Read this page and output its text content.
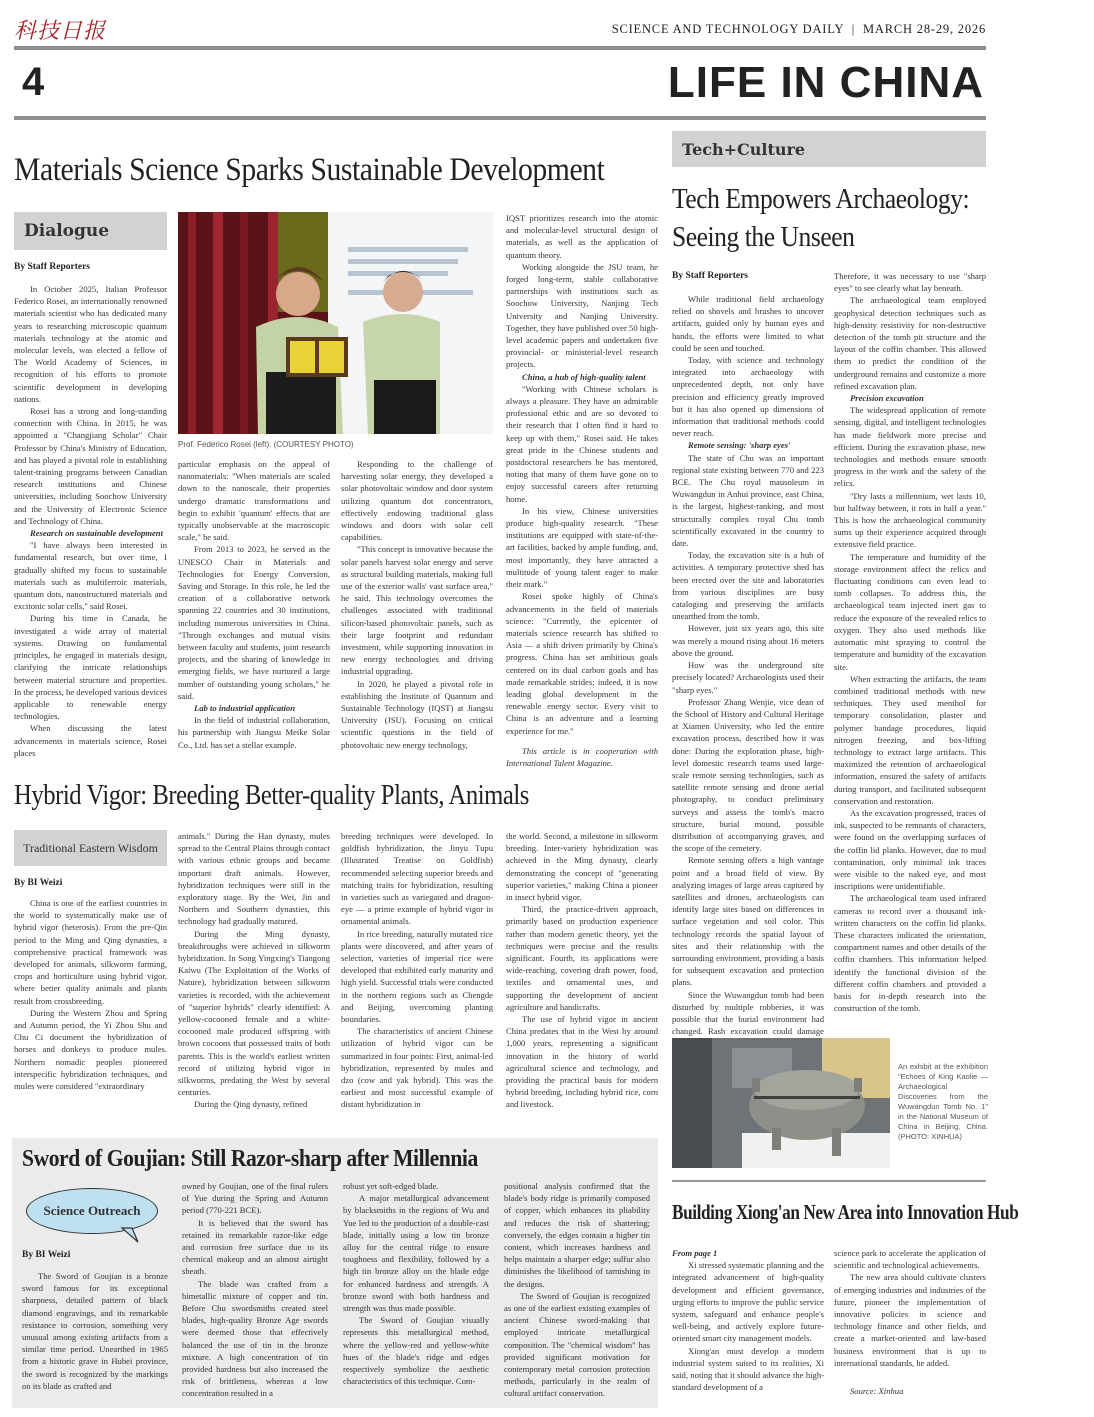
科技日报	SCIENCE AND TECHNOLOGY DAILY | MARCH 28-29, 2026
4	LIFE IN CHINA
Materials Science Sparks Sustainable Development
Dialogue
By Staff Reporters

In October 2025, Italian Professor Federico Rosei, an internationally renowned materials scientist who has dedicated many years to researching microscopic quantum materials technology at the atomic and molecular levels, was elected a fellow of The World Academy of Sciences, in recognition of his efforts to promote scientific development in developing nations.

Rosei has a strong and long-standing connection with China. In 2015, he was appointed a "Changjiang Scholar" Chair Professor by China's Ministry of Education, and has played a pivotal role in establishing talent-training programs between Canadian research institutions and Chinese universities, including Soochow University and the University of Electronic Science and Technology of China.

Research on sustainable development

"I have always been interested in fundamental research, but over time, I gradually shifted my focus to sustainable materials such as multiferroic materials, quantum dots, nanostructured materials and excitonic solar cells," said Rosei.

During his time in Canada, he investigated a wide array of material systems. Drawing on fundamental principles, he engaged in materials design, clarifying the intricate relationships between material structure and properties. In the process, he developed various devices applicable to renewable energy technologies.

When discussing the latest advancements in materials science, Rosei places

Prof. Federico Rosei (left). (COURTESY PHOTO)

particular emphasis on the appeal of nanomaterials: "When materials are scaled down to the nanoscale, their properties undergo dramatic transformations and begin to exhibit 'quantum' effects that are typically unobservable at the macroscopic scale," he said.

From 2013 to 2023, he served as the UNESCO Chair in Materials and Technologies for Energy Conversion, Saving and Storage. In this role, he led the creation of a collaborative network spanning 22 countries and 30 institutions, including numerous universities in China. "Through exchanges and mutual visits between faculty and students, joint research projects, and the sharing of knowledge in emerging fields, we have nurtured a large number of outstanding young scholars," he said.

Lab to industrial application

In the field of industrial collaboration, his partnership with Jiangsu Meike Solar Co., Ltd. has set a stellar example.

Responding to the challenge of harvesting solar energy, they developed a solar photovoltaic window and door system utilizing quantum dot concentrators, effectively endowing traditional glass windows and doors with solar cell capabilities.

"This concept is innovative because the solar panels harvest solar energy and serve as structural building materials, making full use of the exterior walls' vast surface area," he said. This technology overcomes the challenges associated with traditional silicon-based photovoltaic panels, such as their large footprint and redundant investment, while supporting innovation in new energy technologies and driving industrial upgrading.

In 2020, he played a pivotal role in establishing the Institute of Quantum and Sustainable Technology (IQST) at Jiangsu University (JSU). Focusing on critical scientific questions in the field of photovoltaic new energy technology,

IQST prioritizes research into the atomic and molecular-level structural design of materials, as well as the application of quantum theory.

Working alongside the JSU team, he forged long-term, stable collaborative partnerships with institutions such as Soochow University, Nanjing Tech University and Nanjing University. Together, they have published over 50 high-level academic papers and undertaken five provincial- or ministerial-level research projects.

China, a hub of high-quality talent

"Working with Chinese scholars is always a pleasure. They have an admirable professional ethic and are so devoted to their research that I often find it hard to keep up with them," Rosei said. He takes great pride in the Chinese students and postdoctoral researchers he has mentored, noting that many of them have gone on to enjoy successful careers after returning home.

In his view, Chinese universities produce high-quality research. "These institutions are equipped with state-of-the-art facilities, backed by ample funding, and, most importantly, they have attracted a multitude of young talent eager to make their mark."

Rosei spoke highly of China's advancements in the field of materials science: "Currently, the epicenter of materials science research has shifted to Asia — a shift driven primarily by China's progress. China has set ambitious goals centered on its dual carbon goals and has made remarkable strides; indeed, it is now leading global development in the renewable energy sector. Every visit to China is an adventure and a learning experience for me."

This article is in cooperation with International Talent Magazine.

Tech+Culture
Tech Empowers Archaeology:
Seeing the Unseen
By Staff Reporters

While traditional field archaeology relied on shovels and brushes to uncover artifacts, guided only by human eyes and hands, the efforts were limited to what could be seen and touched.

Today, with science and technology integrated into archaeology with unprecedented depth, not only have precision and efficiency greatly improved but it has also opened up dimensions of information that traditional methods could never reach.

Remote sensing: 'sharp eyes'

The state of Chu was an important regional state existing between 770 and 223 BCE. The Chu royal mausoleum in Wuwangdun in Anhui province, east China, is the largest, highest-ranking, and most structurally complex royal Chu tomb scientifically excavated in the country to date.

Today, the excavation site is a hub of activities. A temporary protective shed has been erected over the site and laboratories from various disciplines are busy cataloging and preserving the artifacts unearthed from the tomb.

However, just six years ago, this site was merely a mound rising about 16 meters above the ground.

How was the underground site precisely located? Archaeologists used their "sharp eyes."

Professor Zhang Wenjie, vice dean of the School of History and Cultural Heritage at Xiamen University, who led the entire excavation process, described how it was done: During the exploration phase, high-level domestic research teams used large-scale remote sensing technologies, such as satellite remote sensing and drone aerial photography, to conduct preliminary surveys and assess the tomb's macro structure, burial mound, possible distribution of accompanying graves, and the scope of the cemetery.

Remote sensing offers a high vantage point and a broad field of view. By analyzing images of large areas captured by satellites and drones, archaeologists can identify large sites based on differences in surface vegetation and soil color. This technology records the spatial layout of sites and their relationship with the surrounding environment, providing a basis for subsequent excavation and protection plans.

Since the Wuwangdun tomb had been disturbed by multiple robberies, it was possible that the burial environment had changed. Rash excavation could damage

Therefore, it was necessary to use "sharp eyes" to see clearly what lay beneath.

The archaeological team employed geophysical detection techniques such as high-density resistivity for non-destructive detection of the tomb pit structure and the layout of the coffin chamber. This allowed them to predict the condition of the underground remains and customize a more refined excavation plan.

Precision excavation

The widespread application of remote sensing, digital, and intelligent technologies has made fieldwork more precise and efficient. During the excavation phase, new technologies and methods ensure smooth progress in the work and the safety of the relics.

"Dry lasts a millennium, wet lasts 10, but halfway between, it rots in half a year." This is how the archaeological community sums up their experience acquired through extensive field practice.

The temperature and humidity of the storage environment affect the relics and fluctuating conditions can even lead to tomb collapses. To address this, the archaeological team injected inert gas to reduce the exposure of the revealed relics to oxygen. They also used methods like automatic mist spraying to control the temperature and humidity of the excavation site.

When extracting the artifacts, the team combined traditional methods with new techniques. They used menthol for temporary consolidation, plaster and polymer bandage procedures, liquid nitrogen freezing, and box-lifting technology to extract large artifacts. This maximized the retention of archaeological information, ensured the safety of artifacts during transport, and facilitated subsequent conservation and restoration.

As the excavation progressed, traces of ink, suspected to be remnants of characters, were found on the overlapping surfaces of the coffin lid planks. However, due to mud contamination, only minimal ink traces were visible to the naked eye, and most inscriptions were unidentifiable.

The archaeological team used infrared cameras to record over a thousand ink-written characters on the coffin lid planks. These characters indicated the orientation, compartment names and other details of the coffin chambers. This information helped identify the functional division of the different coffin chambers and provided a basis for in-depth research into the construction of the tomb.

An exhibit at the exhibition "Echoes of King Kaolie — Archaeological Discoveries from the Wuwangdun Tomb No. 1" in the National Museum of China in Beijing, China. (PHOTO: XINHUA)
Building Xiong'an New Area into Innovation Hub

From page 1

Xi stressed systematic planning and the integrated advancement of high-quality development and efficient governance, urging efforts to improve the public service system, safeguard and enhance people's well-being, and actively explore future-oriented smart city management models.

Xiong'an must develop a modern industrial system suited to its realities, Xi said, noting that it should advance the high-standard development of a

science park to accelerate the application of scientific and technological achievements.

The new area should cultivate clusters of emerging industries and industries of the future, pioneer the implementation of innovative policies in science and technology finance and other fields, and create a market-oriented and law-based business environment that is up to international standards, he added.

Source: Xinhua

Hybrid Vigor: Breeding Better-quality Plants, Animals
Traditional Eastern Wisdom
By BI Weizi

China is one of the earliest countries in the world to systematically make use of hybrid vigor (heterosis). From the pre-Qin period to the Ming and Qing dynasties, a comprehensive practical framework was developed for animals, silkworm farming, crops and horticulture using hybrid vigor, where better quality animals and plants result from crossbreeding.

During the Western Zhou and Spring and Autumn period, the Yi Zhou Shu and Chu Ci document the hybridization of horses and donkeys to produce mules. Northern nomadic peoples pioneered interspecific hybridization techniques, and mules were considered "extraordinary

animals." During the Han dynasty, mules spread to the Central Plains through contact with various ethnic groups and became important draft animals. However, hybridization techniques were still in the exploratory stage. By the Wei, Jin and Northern and Southern dynasties, this technology had gradually matured.

During the Ming dynasty, breakthroughs were achieved in silkworm hybridization. In Song Yingxing's Tiangong Kaiwu (The Exploitation of the Works of Nature), hybridization between silkworm varieties is recorded, with the achievement of "superior hybrids" clearly identified: A yellow-cocooned female and a white-cocooned male produced offspring with brown cocoons that possessed traits of both parents. This is the world's earliest written record of utilizing hybrid vigor in silkworms, predating the West by several centuries.

During the Qing dynasty, refined

breeding techniques were developed. In goldfish hybridization, the Jinyu Tupu (Illustrated Treatise on Goldfish) recommended selecting superior breeds and matching traits for hybridization, resulting in varieties such as variegated and dragon-eye — a prime example of hybrid vigor in ornamental animals.

In rice breeding, naturally mutated rice plants were discovered, and after years of selection, varieties of imperial rice were developed that exhibited early maturity and high yield. Successful trials were conducted in the northern regions such as Chengde and Beijing, overcoming planting boundaries.

The characteristics of ancient Chinese utilization of hybrid vigor can be summarized in four points: First, animal-led hybridization, represented by mules and dzo (cow and yak hybrid). This was the earliest and most successful example of distant hybridization in

the world. Second, a milestone in silkworm breeding. Inter-variety hybridization was achieved in the Ming dynasty, clearly demonstrating the concept of "generating superior varieties," making China a pioneer in insect hybrid vigor.

Third, the practice-driven approach, primarily based on production experience rather than modern genetic theory, yet the techniques were precise and the results significant. Fourth, its applications were wide-reaching, covering draft power, food, textiles and ornamental uses, and supporting the development of ancient agriculture and handicrafts.

The use of hybrid vigor in ancient China predates that in the West by around 1,000 years, representing a significant innovation in the history of world agricultural science and technology, and providing the practical basis for modern hybrid breeding, including hybrid rice, corn and livestock.

Sword of Goujian: Still Razor-sharp after Millennia
Science Outreach
By BI Weizi

The Sword of Goujian is a bronze sword famous for its exceptional sharpness, detailed pattern of black diamond engravings, and its remarkable resistance to corrosion, something very unusual among existing artifacts from a similar time period. Unearthed in 1965 from a historic grave in Hubei province, the sword is recognized by the markings on its blade as crafted and

owned by Goujian, one of the final rulers of Yue during the Spring and Autumn period (770-221 BCE).

It is believed that the sword has retained its remarkable razor-like edge and corrosion free surface due to its chemical makeup and an almost airtight sheath.

The blade was crafted from a bimetallic mixture of copper and tin. Before Chu swordsmiths created steel blades, high-quality Bronze Age swords were deemed those that effectively balanced the use of tin in the bronze mixture. A high concentration of tin provided hardness but also increased the risk of brittleness, whereas a low concentration resulted in a

robust yet soft-edged blade.

A major metallurgical advancement by blacksmiths in the regions of Wu and Yue led to the production of a double-cast blade, initially using a low tin bronze alloy for the central ridge to ensure toughness and flexibility, followed by a high tin bronze alloy on the blade edge for enhanced hardness and strength. A bronze sword with both hardness and strength was thus made possible.

The Sword of Goujian visually represents this metallurgical method, where the yellow-red and yellow-white hues of the blade's ridge and edges respectively symbolize the aesthetic characteristics of this technique. Com-

positional analysis confirmed that the blade's body ridge is primarily composed of copper, which enhances its pliability and reduces the risk of shattering; conversely, the edges contain a higher tin content, which increases hardness and helps maintain a sharper edge; sulfur also diminishes the likelihood of tarnishing in the designs.

The Sword of Goujian is recognized as one of the earliest existing examples of ancient Chinese sword-making that employed intricate metallurgical composition. The "chemical wisdom" has provided significant motivation for contemporary metal corrosion protection methods, particularly in the realm of cultural artifact conservation.
